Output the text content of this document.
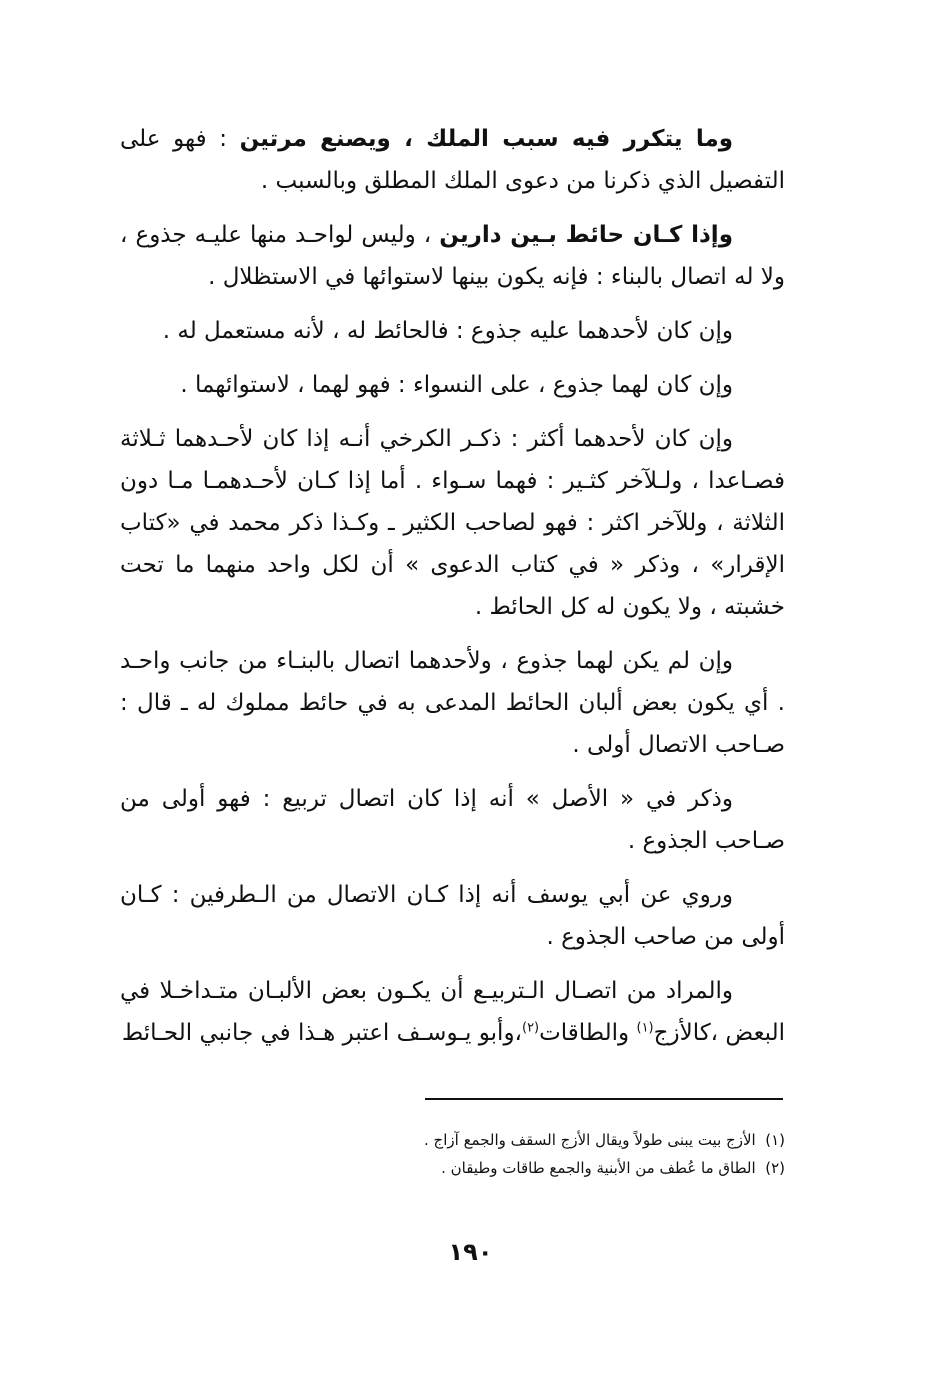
وما يتكرر فيه سبب الملك ، ويصنع مرتين : فهو على التفصيل الذي ذكرنا من دعوى الملك المطلق وبالسبب .

وإذا كـان حائط بـين دارين ، وليس لواحـد منها عليـه جذوع ، ولا له اتصال بالبناء : فإنه يكون بينها لاستوائها في الاستظلال .

وإن كان لأحدهما عليه جذوع : فالحائط له ، لأنه مستعمل له .

وإن كان لهما جذوع ، على النسواء : فهو لهما ، لاستوائهما .

وإن كان لأحدهما أكثر : ذكـر الكرخي أنـه إذا كان لأحـدهما ثـلاثة فصـاعدا ، ولـلآخر كثـير : فهما سـواء . أما إذا كـان لأحـدهمـا مـا دون الثلاثة ، وللآخر اكثر : فهو لصاحب الكثير ـ وكـذا ذكر محمد في «كتاب الإقرار» ، وذكر « في كتاب الدعوى » أن لكل واحد منهما ما تحت خشبته ، ولا يكون له كل الحائط .

وإن لم يكن لهما جذوع ، ولأحدهما اتصال بالبنـاء من جانب واحـد . أي يكون بعض ألبان الحائط المدعى به في حائط مملوك له ـ قال : صـاحب الاتصال أولى .

وذكر في « الأصل » أنه إذا كان اتصال تربيع : فهو أولى من صـاحب الجذوع .

وروي عن أبي يوسف أنه إذا كـان الاتصال من الـطرفين : كـان أولى من صاحب الجذوع .

والمراد من اتصـال الـتربيـع أن يكـون بعض الألبـان متـداخـلا في البعض ،كالأزج$^{(١)}$ والطاقات$^{(٢)}$،وأبو يـوسـف اعتبر هـذا في جانبي الحـائط

(١)  الأزج بيت يبنى طولاً ويقال الأزج السقف والجمع آزاج .

(٢)  الطاق ما عُطف من الأبنية والجمع طاقات وطيقان .

١٩٠
